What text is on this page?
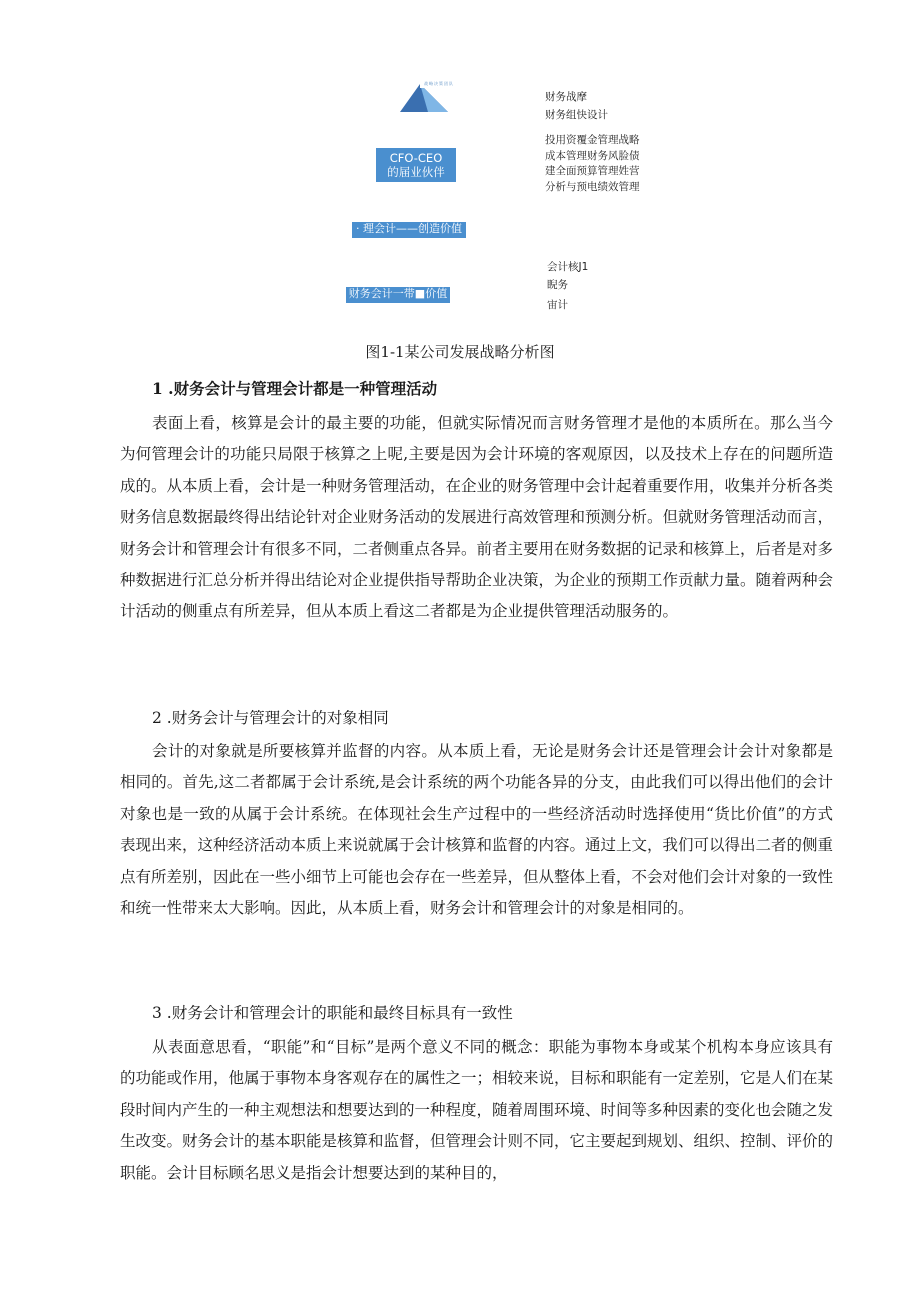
战略决策团队
CFO-CEO
的届业伙伴
· 理会计——创造价值
财务会计一带■价值
财务战摩
财务组快设计
投用资覆金管理战略成本管理财务风脸债建全面预算管理姓营分析与预电绩效管理
会计核J1
睨务
宙计
图1-1某公司发展战略分析图
1 .财务会计与管理会计都是一种管理活动

表面上看，核算是会计的最主要的功能，但就实际情况而言财务管理才是他的本质所在。那么当今为何管理会计的功能只局限于核算之上呢,主要是因为会计环境的客观原因，以及技术上存在的问题所造成的。从本质上看，会计是一种财务管理活动，在企业的财务管理中会计起着重要作用，收集并分析各类财务信息数据最终得出结论针对企业财务活动的发展进行高效管理和预测分析。但就财务管理活动而言，财务会计和管理会计有很多不同，二者侧重点各异。前者主要用在财务数据的记录和核算上，后者是对多种数据进行汇总分析并得出结论对企业提供指导帮助企业决策，为企业的预期工作贡献力量。随着两种会计活动的侧重点有所差异，但从本质上看这二者都是为企业提供管理活动服务的。

2 .财务会计与管理会计的对象相同

会计的对象就是所要核算并监督的内容。从本质上看，无论是财务会计还是管理会计会计对象都是相同的。首先,这二者都属于会计系统,是会计系统的两个功能各异的分支，由此我们可以得出他们的会计对象也是一致的从属于会计系统。在体现社会生产过程中的一些经济活动时选择使用“货比价值”的方式表现出来，这种经济活动本质上来说就属于会计核算和监督的内容。通过上文，我们可以得出二者的侧重点有所差别，因此在一些小细节上可能也会存在一些差异，但从整体上看，不会对他们会计对象的一致性和统一性带来太大影响。因此，从本质上看，财务会计和管理会计的对象是相同的。

3 .财务会计和管理会计的职能和最终目标具有一致性

从表面意思看，“职能”和“目标”是两个意义不同的概念：职能为事物本身或某个机构本身应该具有的功能或作用，他属于事物本身客观存在的属性之一；相较来说，目标和职能有一定差别，它是人们在某段时间内产生的一种主观想法和想要达到的一种程度，随着周围环境、时间等多种因素的变化也会随之发生改变。财务会计的基本职能是核算和监督，但管理会计则不同，它主要起到规划、组织、控制、评价的职能。会计目标顾名思义是指会计想要达到的某种目的，
